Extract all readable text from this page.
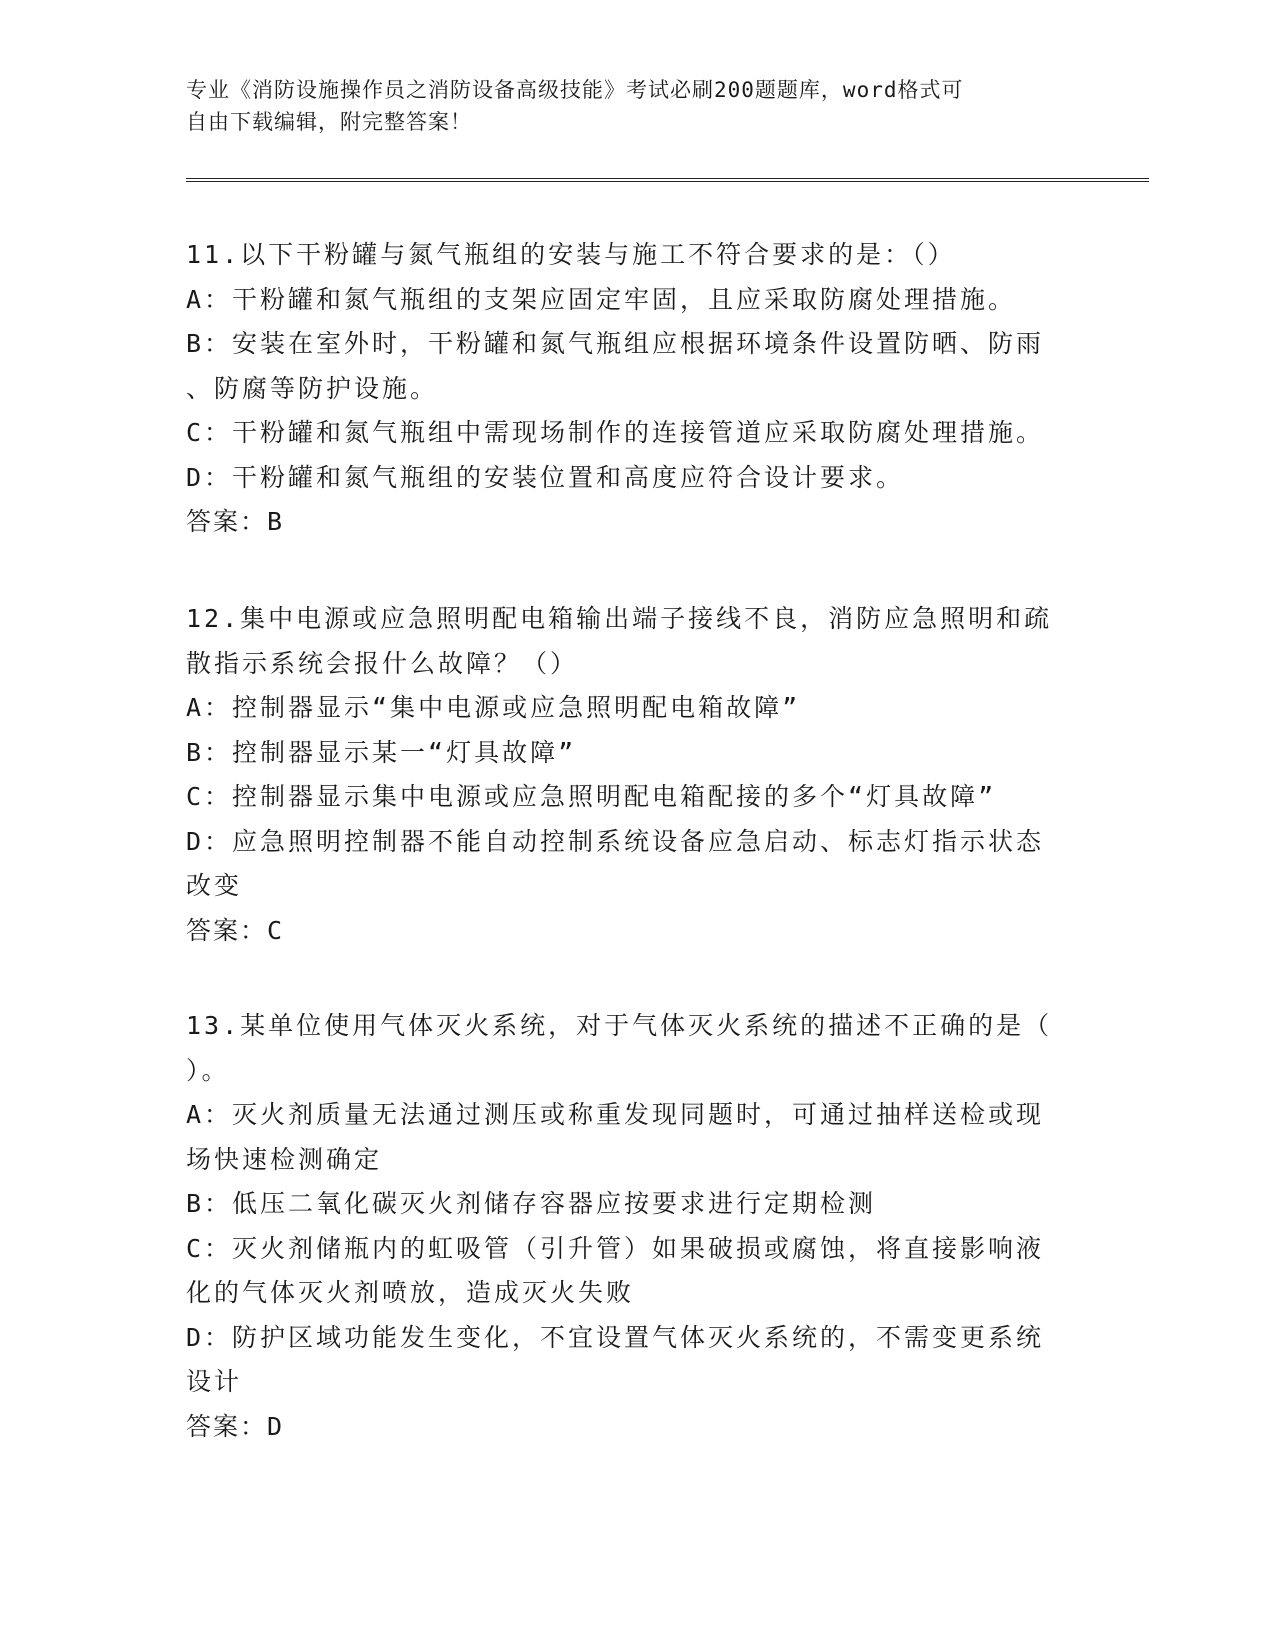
专业《消防设施操作员之消防设备高级技能》考试必刷200题题库，word格式可
自由下载编辑，附完整答案！
11.以下干粉罐与氮气瓶组的安装与施工不符合要求的是：（）
A：干粉罐和氮气瓶组的支架应固定牢固，且应采取防腐处理措施。
B：安装在室外时，干粉罐和氮气瓶组应根据环境条件设置防晒、防雨
、防腐等防护设施。
C：干粉罐和氮气瓶组中需现场制作的连接管道应采取防腐处理措施。
D：干粉罐和氮气瓶组的安装位置和高度应符合设计要求。
答案：B
12.集中电源或应急照明配电箱输出端子接线不良，消防应急照明和疏
散指示系统会报什么故障？（）
A：控制器显示“集中电源或应急照明配电箱故障”
B：控制器显示某一“灯具故障”
C：控制器显示集中电源或应急照明配电箱配接的多个“灯具故障”
D：应急照明控制器不能自动控制系统设备应急启动、标志灯指示状态
改变
答案：C
13.某单位使用气体灭火系统，对于气体灭火系统的描述不正确的是（
）。
A：灭火剂质量无法通过测压或称重发现同题时，可通过抽样送检或现
场快速检测确定
B：低压二氧化碳灭火剂储存容器应按要求进行定期检测
C：灭火剂储瓶内的虹吸管（引升管）如果破损或腐蚀，将直接影响液
化的气体灭火剂喷放，造成灭火失败
D：防护区域功能发生变化，不宜设置气体灭火系统的，不需变更系统
设计
答案：D
